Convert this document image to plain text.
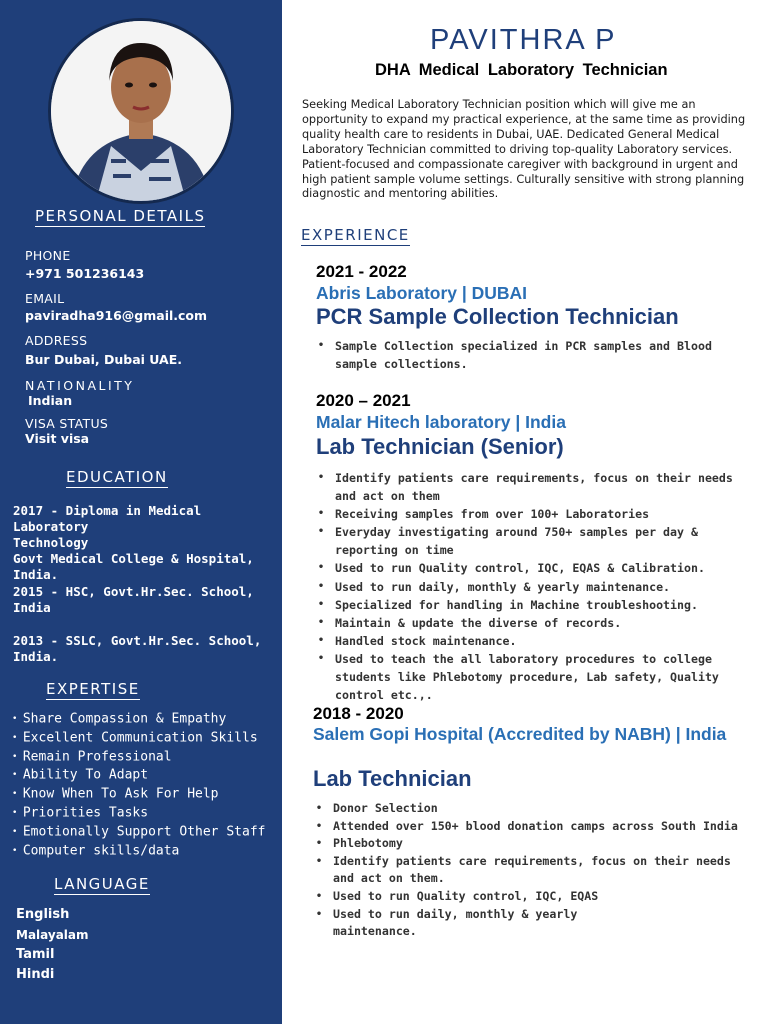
PERSONAL DETAILS
PHONE
+971 501236143
EMAIL
paviradha916@gmail.com
ADDRESS
Bur Dubai, Dubai UAE.
NATIONALITY
Indian
VISA STATUS
Visit visa
EDUCATION
2017 - Diploma in Medical Laboratory
Technology
Govt Medical College & Hospital,
India.
2015 - HSC, Govt.Hr.Sec. School,
India
2013 - SSLC, Govt.Hr.Sec. School,
India.
EXPERTISE
• Share Compassion & Empathy
• Excellent Communication Skills
• Remain Professional
• Ability To Adapt
• Know When To Ask For Help
• Priorities Tasks
• Emotionally Support Other Staff
• Computer skills/data
LANGUAGE
English
Malayalam
Tamil
Hindi
PAVITHRA P
DHA Medical Laboratory Technician
Seeking Medical Laboratory Technician position which will give me an opportunity to expand my practical experience, at the same time as providing quality health care to residents in Dubai, UAE. Dedicated General Medical Laboratory Technician committed to driving top-quality Laboratory services. Patient-focused and compassionate caregiver with background in urgent and high patient sample volume settings. Culturally sensitive with strong planning diagnostic and mentoring abilities.
EXPERIENCE
2021 - 2022
Abris Laboratory | DUBAI
PCR Sample Collection Technician
• Sample Collection specialized in PCR samples and Blood sample collections.
2020 – 2021
Malar Hitech laboratory | India
Lab Technician (Senior)
• Identify patients care requirements, focus on their needs and act on them
• Receiving samples from over 100+ Laboratories
• Everyday investigating around 750+ samples per day & reporting on time
• Used to run Quality control, IQC, EQAS & Calibration.
• Used to run daily, monthly & yearly maintenance.
• Specialized for handling in Machine troubleshooting.
• Maintain & update the diverse of records.
• Handled stock maintenance.
• Used to teach the all laboratory procedures to college students like Phlebotomy procedure, Lab safety, Quality control etc.,.
2018 - 2020
Salem Gopi Hospital (Accredited by NABH) | India
Lab Technician
• Donor Selection
• Attended over 150+ blood donation camps across South India
• Phlebotomy
• Identify patients care requirements, focus on their needs and act on them.
• Used to run Quality control, IQC, EQAS
• Used to run daily, monthly & yearly maintenance.
